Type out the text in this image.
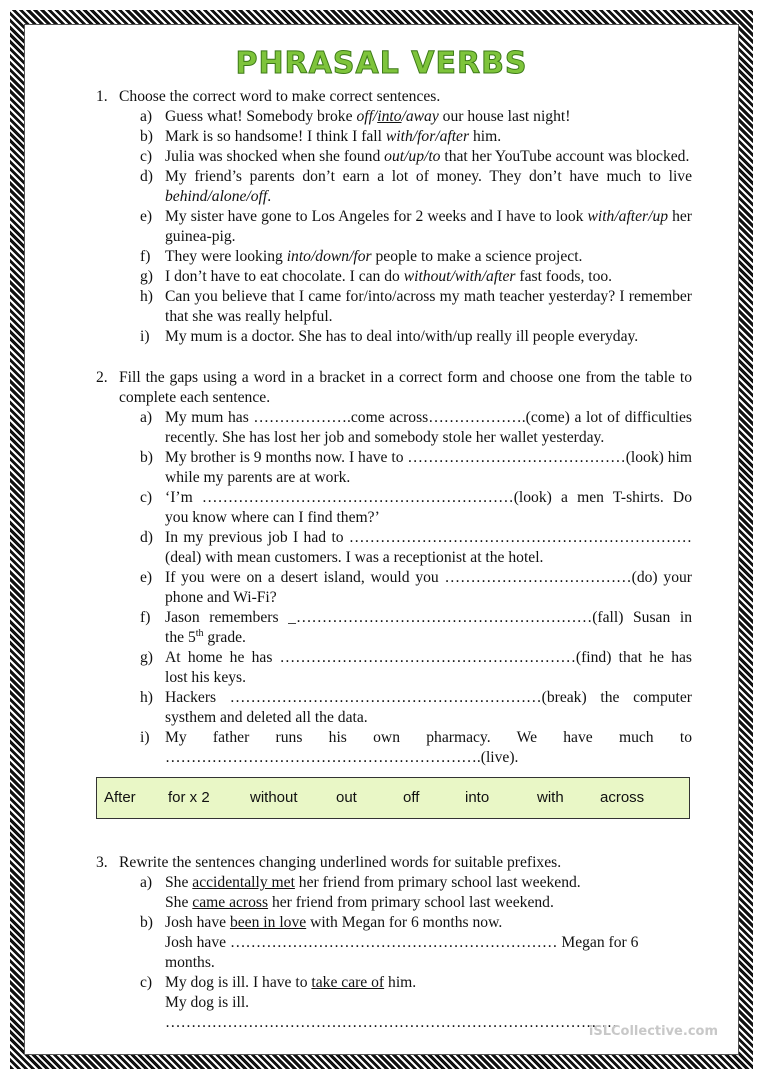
PHRASAL VERBS
1. Choose the correct word to make correct sentences.
a) Guess what! Somebody broke off/into/away our house last night!
b) Mark is so handsome! I think I fall with/for/after him.
c) Julia was shocked when she found out/up/to that her YouTube account was blocked.
d) My friend’s parents don’t earn a lot of money. They don’t have much to live behind/alone/off.
e) My sister have gone to Los Angeles for 2 weeks and I have to look with/after/up her guinea-pig.
f) They were looking into/down/for people to make a science project.
g) I don’t have to eat chocolate. I can do without/with/after fast foods, too.
h) Can you believe that I came for/into/across my math teacher yesterday? I remember that she was really helpful.
i) My mum is a doctor. She has to deal into/with/up really ill people everyday.
2. Fill the gaps using a word in a bracket in a correct form and choose one from the table to complete each sentence.
a) My mum has ……………….come across……………….(come) a lot of difficulties recently. She has lost her job and somebody stole her wallet yesterday.
b) My brother is 9 months now. I have to ……………………………………(look) him while my parents are at work.
c) ‘I’m ……………………………………………………(look) a men T-shirts. Do you know where can I find them?’
d) In my previous job I had to …………………………………………………………(deal) with mean customers. I was a receptionist at the hotel.
e) If you were on a desert island, would you ………………………………(do) your phone and Wi-Fi?
f) Jason remembers _…………………………………………………(fall) Susan in the 5th grade.
g) At home he has …………………………………………………(find) that he has lost his keys.
h) Hackers ……………………………………………………(break) the computer systhem and deleted all the data.
i) My father runs his own pharmacy. We have much to …………………………………………………….(live).
After for x 2	without	out	off	into	with across
3. Rewrite the sentences changing underlined words for suitable prefixes.
a) She accidentally met her friend from primary school last weekend.
She came across her friend from primary school last weekend.
b) Josh have been in love with Megan for 6 months now.
Josh have ……………………………………………………… Megan for 6 months.
c) My dog is ill. I have to take care of him.
My dog is ill. ……………………………………………………………………………
iSLCollective.com
